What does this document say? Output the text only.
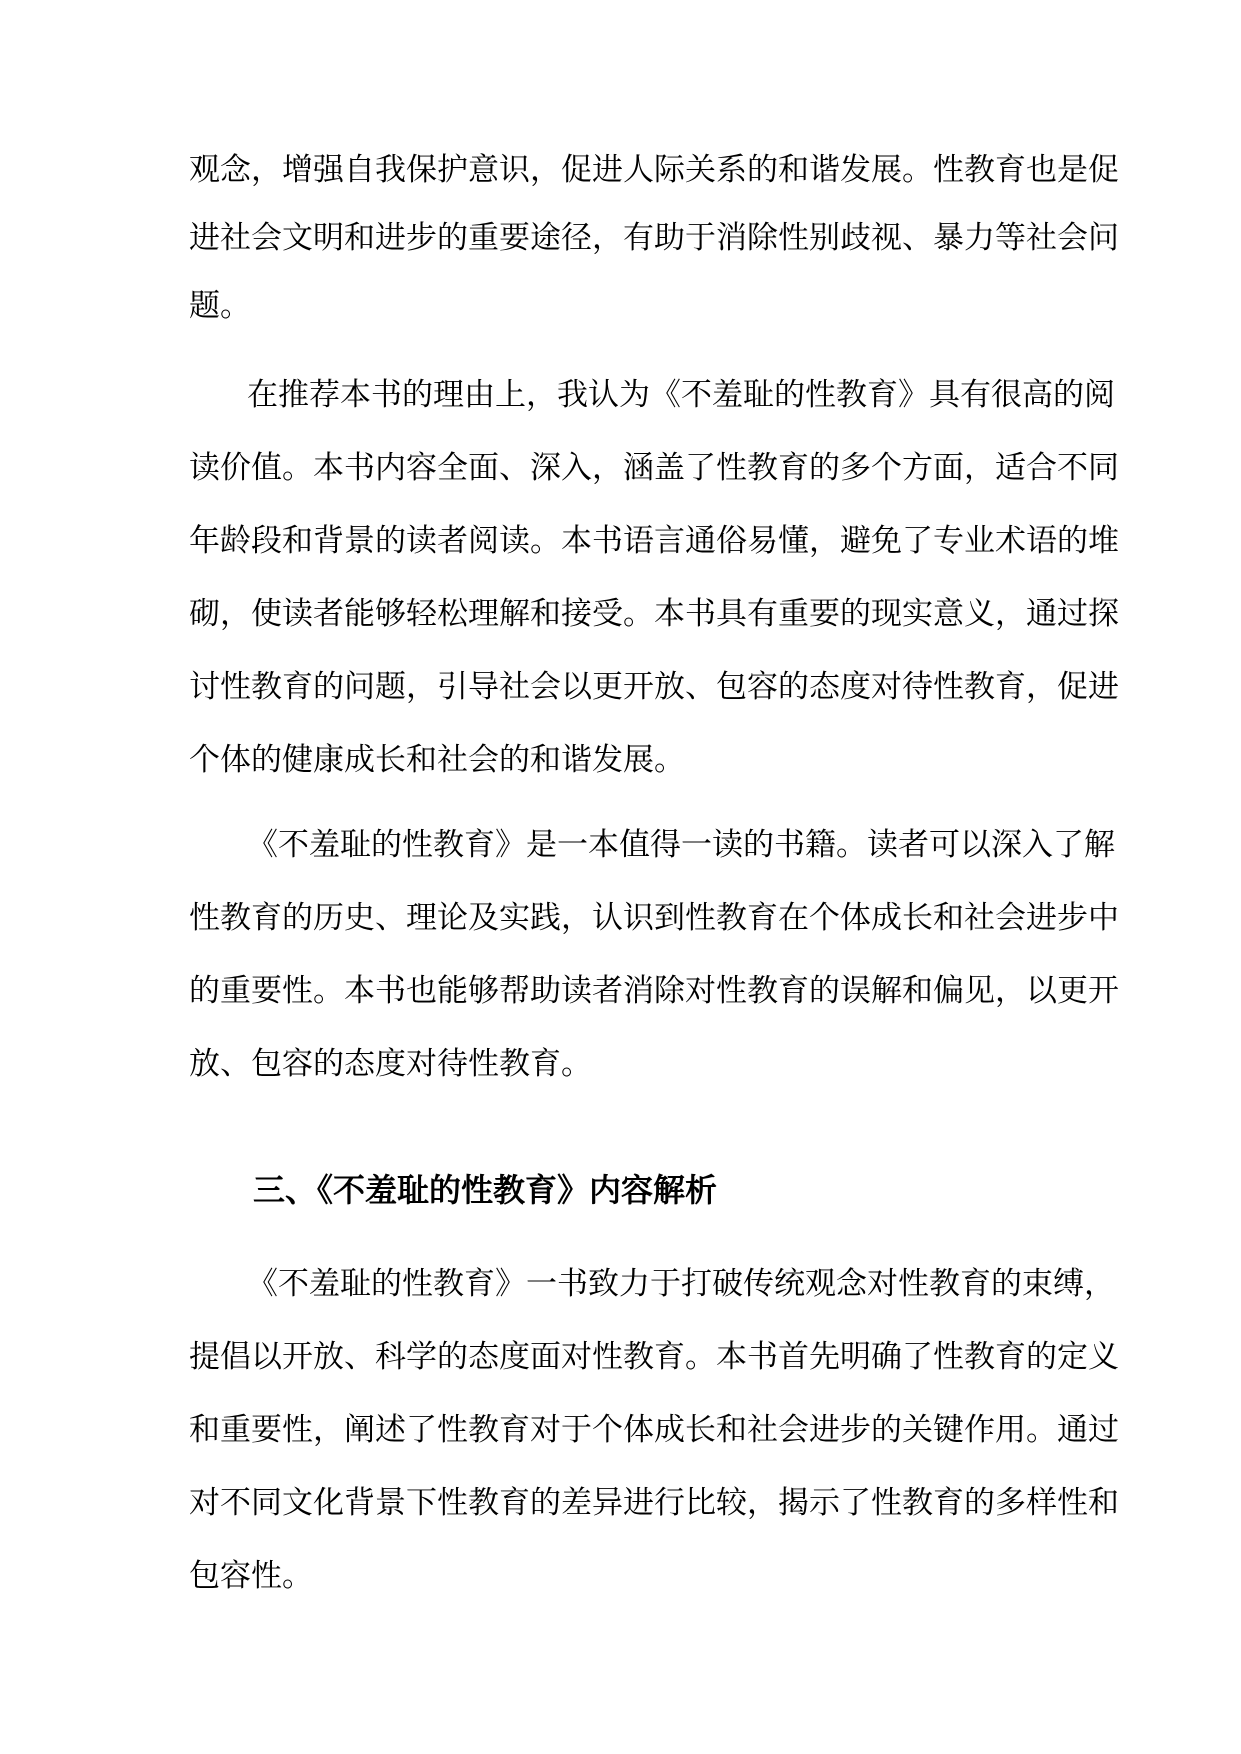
观念，增强自我保护意识，促进人际关系的和谐发展。性教育也是促
进社会文明和进步的重要途径，有助于消除性别歧视、暴力等社会问
题。
在推荐本书的理由上，我认为《不羞耻的性教育》具有很高的阅
读价值。本书内容全面、深入，涵盖了性教育的多个方面，适合不同
年龄段和背景的读者阅读。本书语言通俗易懂，避免了专业术语的堆
砌，使读者能够轻松理解和接受。本书具有重要的现实意义，通过探
讨性教育的问题，引导社会以更开放、包容的态度对待性教育，促进
个体的健康成长和社会的和谐发展。
《不羞耻的性教育》是一本值得一读的书籍。读者可以深入了解
性教育的历史、理论及实践，认识到性教育在个体成长和社会进步中
的重要性。本书也能够帮助读者消除对性教育的误解和偏见，以更开
放、包容的态度对待性教育。
三、《不羞耻的性教育》内容解析
《不羞耻的性教育》一书致力于打破传统观念对性教育的束缚，
提倡以开放、科学的态度面对性教育。本书首先明确了性教育的定义
和重要性，阐述了性教育对于个体成长和社会进步的关键作用。通过
对不同文化背景下性教育的差异进行比较，揭示了性教育的多样性和
包容性。
